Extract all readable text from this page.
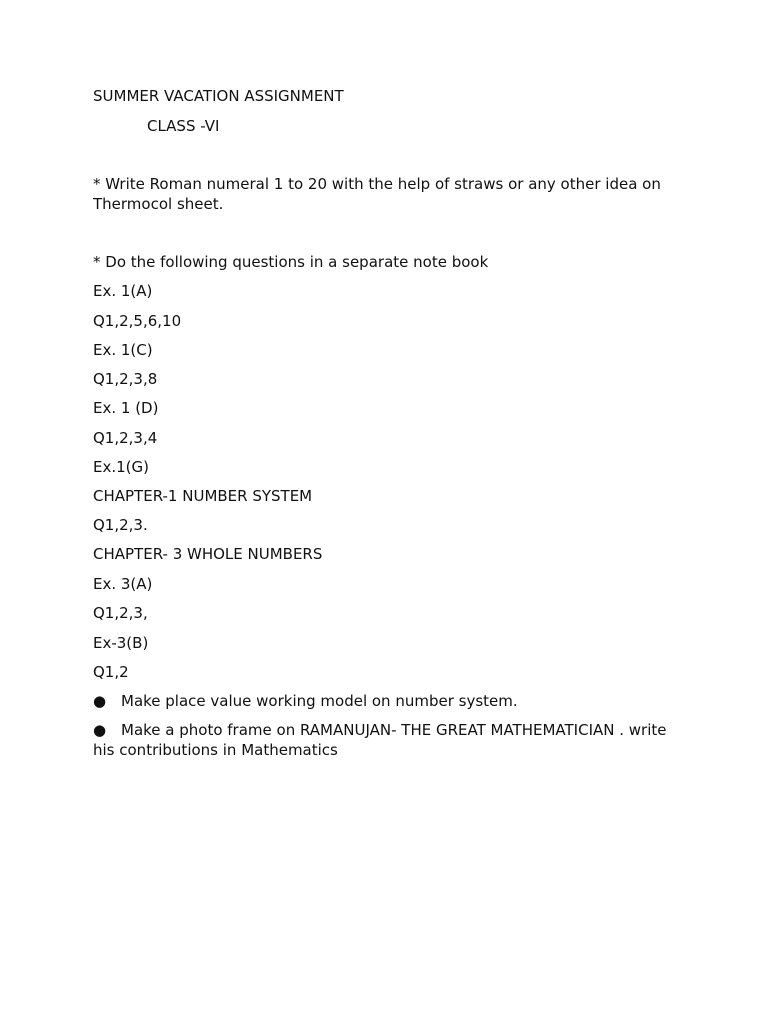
SUMMER VACATION ASSIGNMENT
CLASS -VI
* Write Roman numeral 1 to 20 with the help of straws or any other idea on Thermocol sheet.
* Do the following questions in a separate note book
Ex. 1(A)
Q1,2,5,6,10
Ex. 1(C)
Q1,2,3,8
Ex. 1 (D)
Q1,2,3,4
Ex.1(G)
CHAPTER-1 NUMBER SYSTEM
Q1,2,3.
CHAPTER- 3 WHOLE NUMBERS
Ex. 3(A)
Q1,2,3,
Ex-3(B)
Q1,2
● Make place value working model on number system.
● Make a photo frame on RAMANUJAN- THE GREAT MATHEMATICIAN . write his contributions in Mathematics
